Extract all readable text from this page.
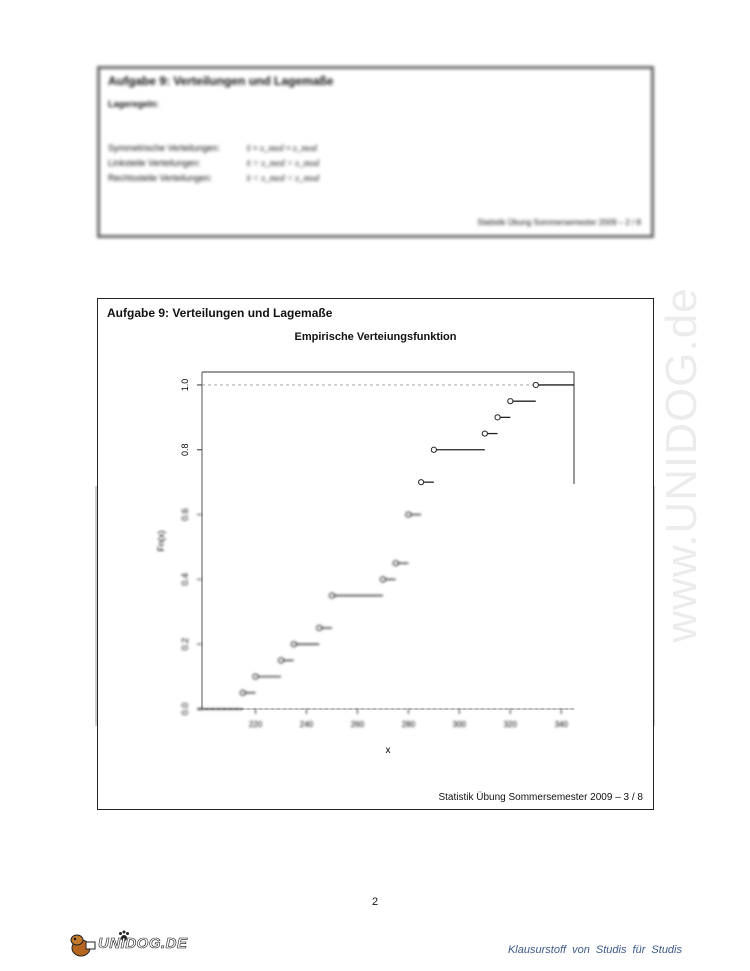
Aufgabe 9: Verteilungen und Lagemaße
Lageregeln:
Symmetrische Verteilungen:	x̄ ≈ x_med ≈ x_mod
Linksteile Verteilungen:	x̄ > x_med > x_mod
Rechtssteile Verteilungen:	x̄ < x_med < x_mod
Statistik Übung Sommersemester 2009 – 2 / 8
www.UNIDOG.de
Aufgabe 9: Verteilungen und Lagemaße
Empirische Verteiungsfunktion
0.0
0.2
0.4
0.6
0.8
1.0
220	240	260	280	300	320	340
x
Fn(x)
Statistik Übung Sommersemester 2009 – 3 / 8
2
UNIDOG.DE	Klausurstoff von Studis für Studis
